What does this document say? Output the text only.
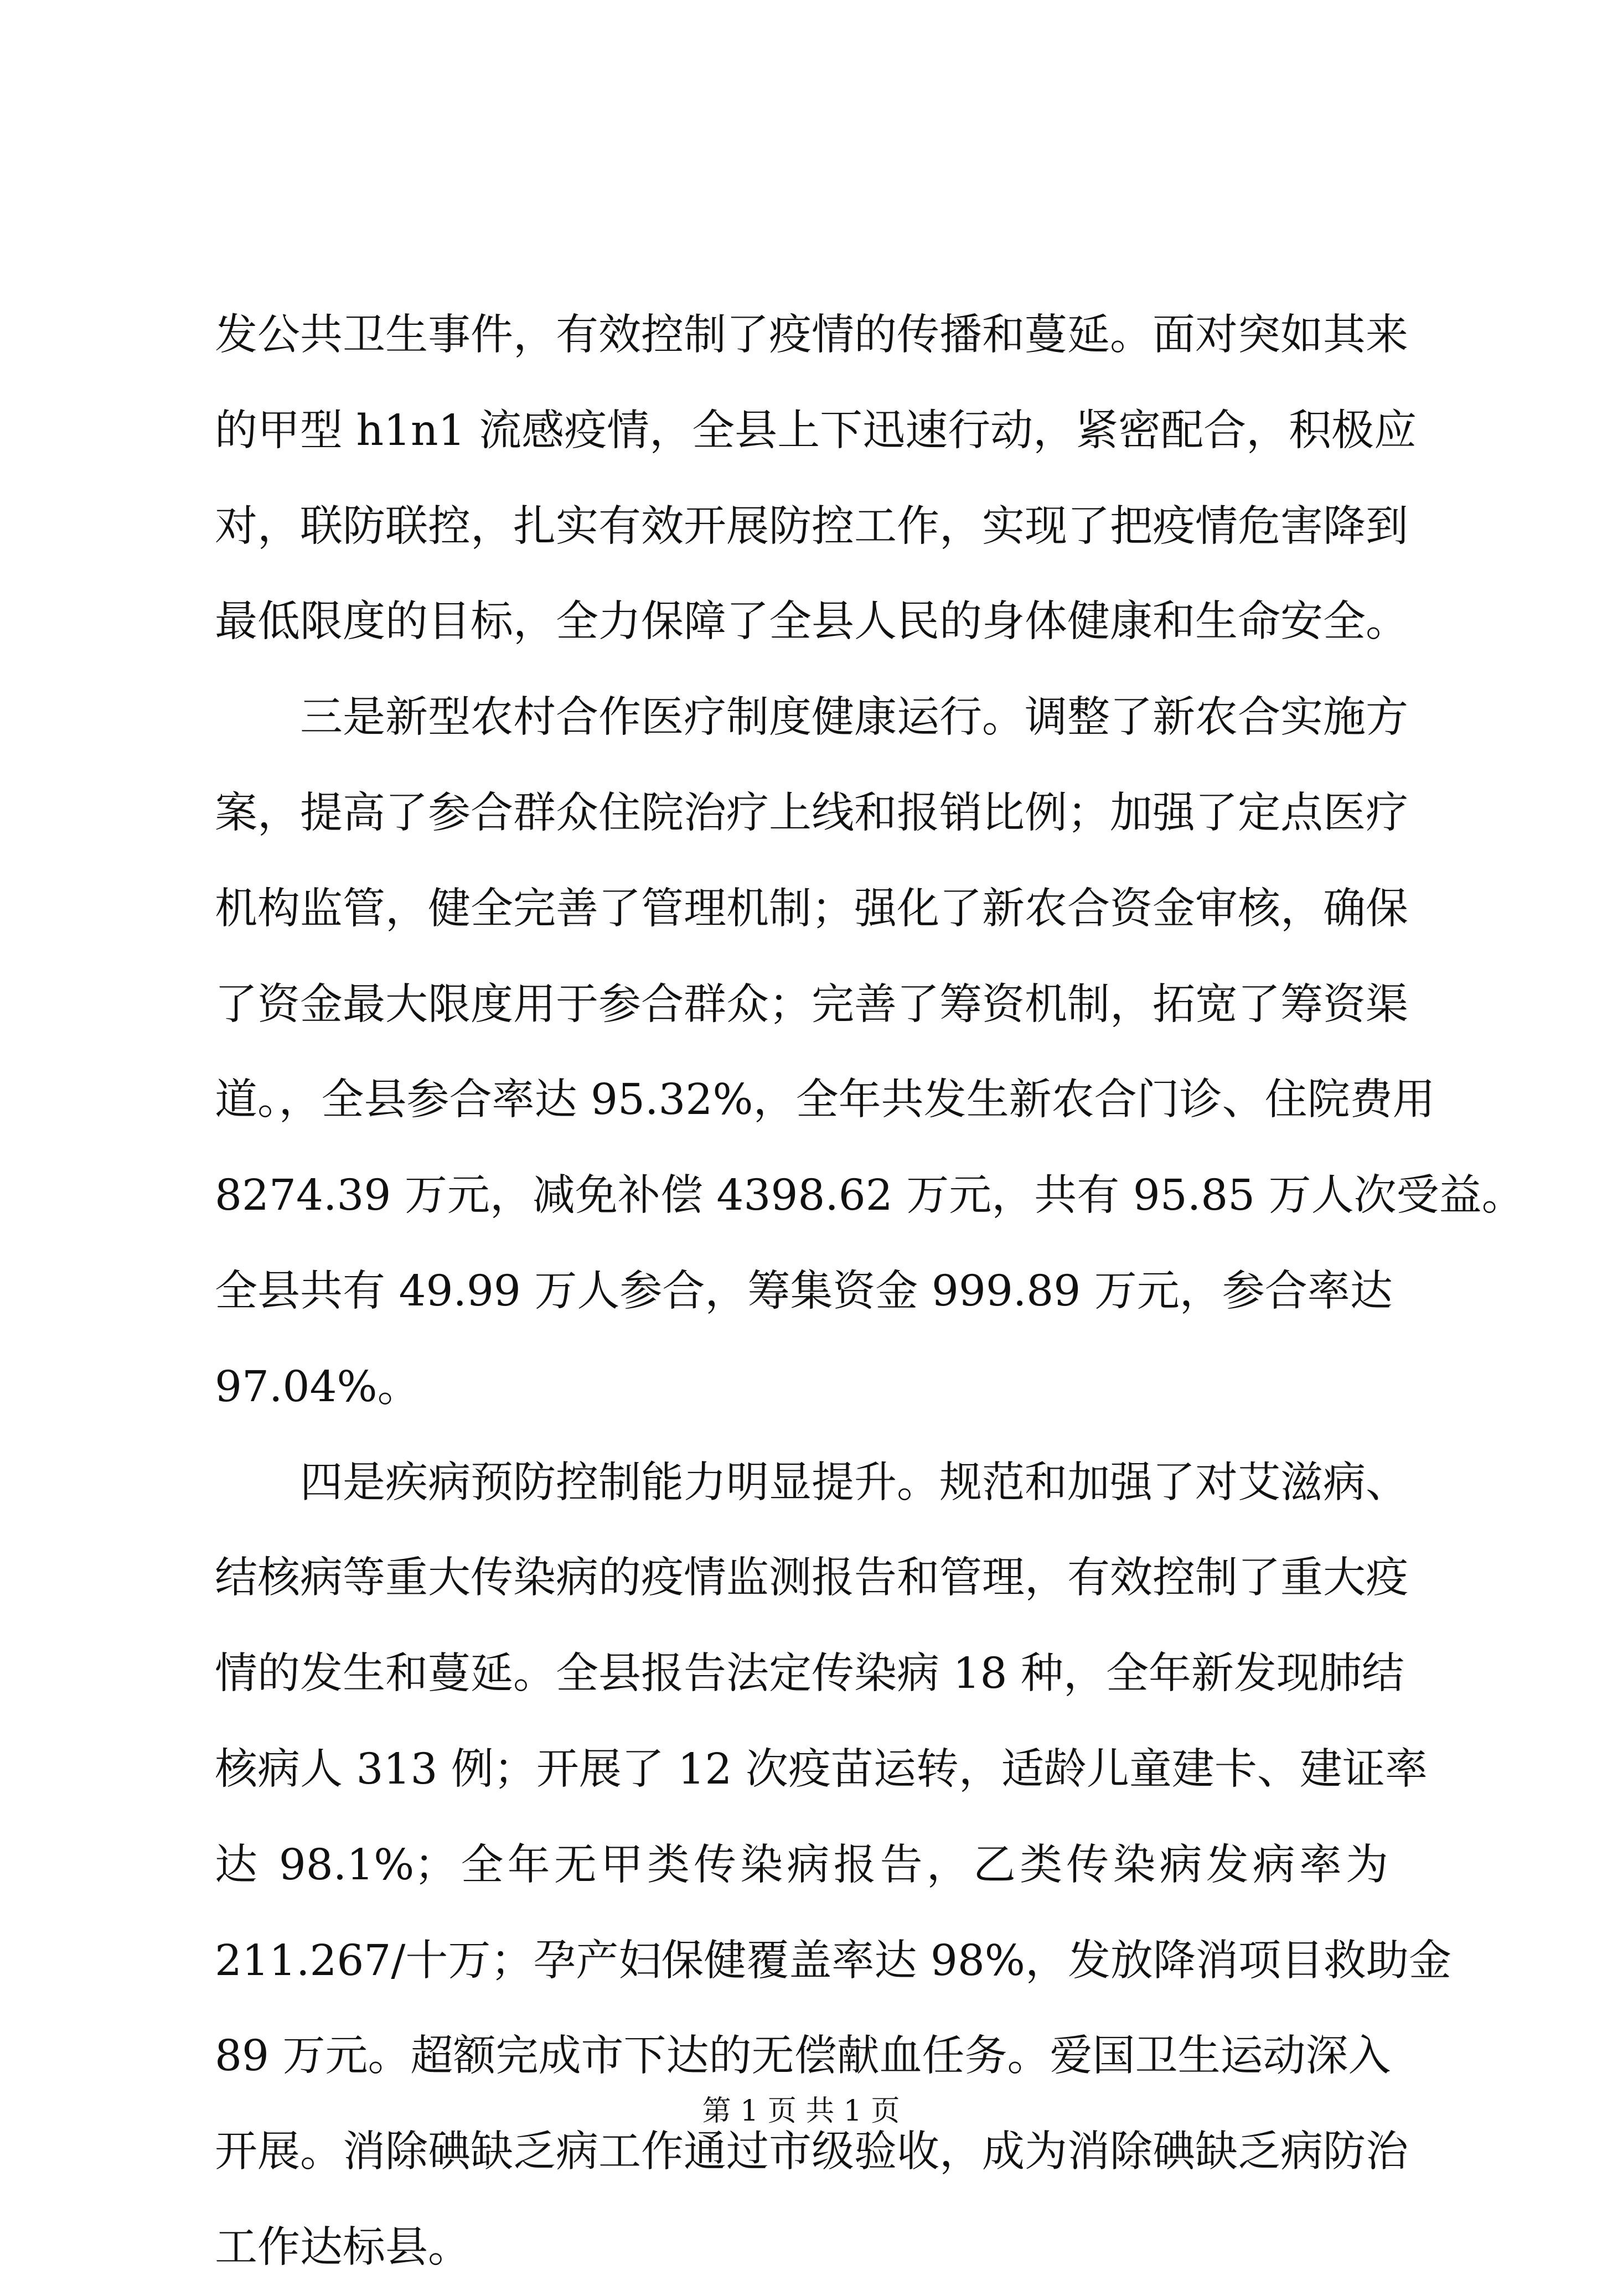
发公共卫生事件，有效控制了疫情的传播和蔓延。面对突如其来
的甲型 h1n1 流感疫情，全县上下迅速行动，紧密配合，积极应
对，联防联控，扎实有效开展防控工作，实现了把疫情危害降到
最低限度的目标，全力保障了全县人民的身体健康和生命安全。
三是新型农村合作医疗制度健康运行。调整了新农合实施方
案，提高了参合群众住院治疗上线和报销比例；加强了定点医疗
机构监管，健全完善了管理机制；强化了新农合资金审核，确保
了资金最大限度用于参合群众；完善了筹资机制，拓宽了筹资渠
道。，全县参合率达 95.32%，全年共发生新农合门诊、住院费用
8274.39 万元，减免补偿 4398.62 万元，共有 95.85 万人次受益。
全县共有 49.99 万人参合，筹集资金 999.89 万元，参合率达
97.04%。
四是疾病预防控制能力明显提升。规范和加强了对艾滋病、
结核病等重大传染病的疫情监测报告和管理，有效控制了重大疫
情的发生和蔓延。全县报告法定传染病 18 种，全年新发现肺结
核病人 313 例；开展了 12 次疫苗运转，适龄儿童建卡、建证率
达 98.1%；全年无甲类传染病报告，乙类传染病发病率为
211.267/十万；孕产妇保健覆盖率达 98%，发放降消项目救助金
89 万元。超额完成市下达的无偿献血任务。爱国卫生运动深入
开展。消除碘缺乏病工作通过市级验收，成为消除碘缺乏病防治
工作达标县。
第 1 页 共 1 页
